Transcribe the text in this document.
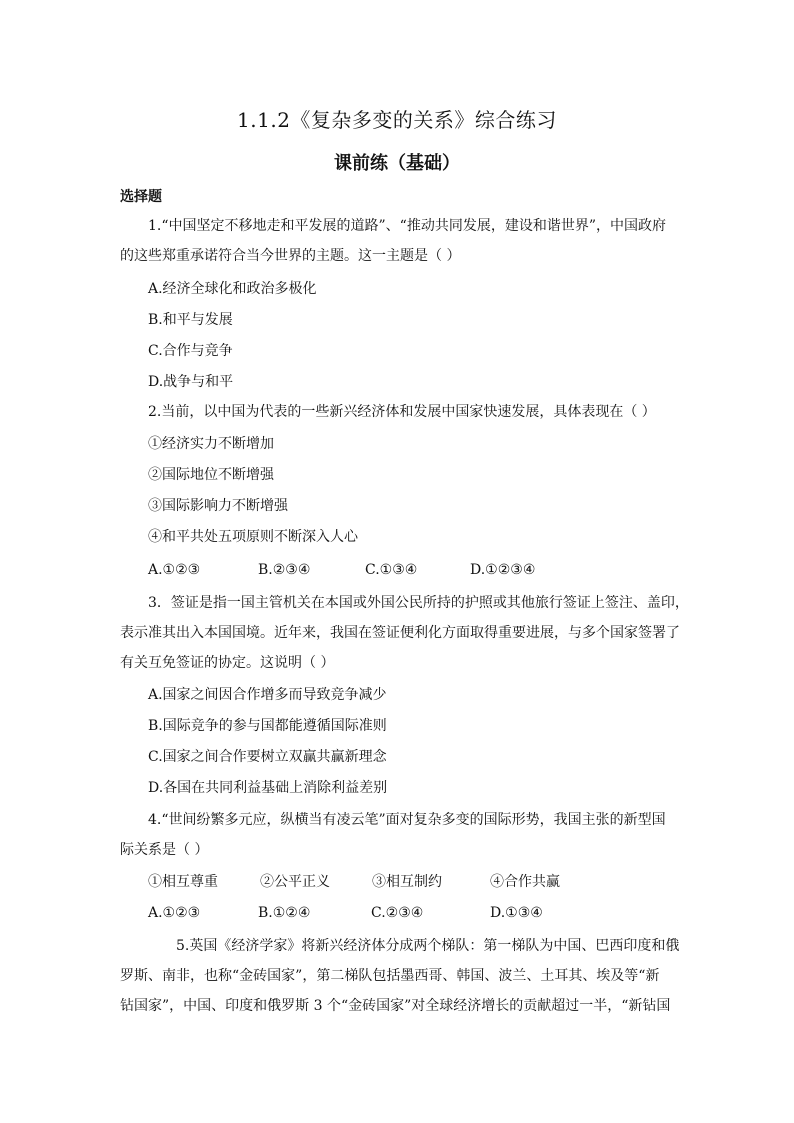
1.1.2《复杂多变的关系》综合练习
课前练（基础）
选择题
1.“中国坚定不移地走和平发展的道路”、“推动共同发展，建设和谐世界”，中国政府
的这些郑重承诺符合当今世界的主题。这一主题是（ ）
A.经济全球化和政治多极化
B.和平与发展
C.合作与竞争
D.战争与和平
2.当前，以中国为代表的一些新兴经济体和发展中国家快速发展，具体表现在（ ）
①经济实力不断增加
②国际地位不断增强
③国际影响力不断增强
④和平共处五项原则不断深入人心
A.①②③	B.②③④	C.①③④	D.①②③④
3．签证是指一国主管机关在本国或外国公民所持的护照或其他旅行签证上签注、盖印，
表示准其出入本国国境。近年来，我国在签证便利化方面取得重要进展，与多个国家签署了
有关互免签证的协定。这说明（ ）
A.国家之间因合作增多而导致竞争减少
B.国际竞争的参与国都能遵循国际准则
C.国家之间合作要树立双赢共赢新理念
D.各国在共同利益基础上消除利益差别
4.“世间纷繁多元应，纵横当有凌云笔”面对复杂多变的国际形势，我国主张的新型国
际关系是（ ）
①相互尊重	②公平正义	③相互制约	④合作共赢
A.①②③	B.①②④	C.②③④	D.①③④
5.英国《经济学家》将新兴经济体分成两个梯队：第一梯队为中国、巴西印度和俄
罗斯、南非，也称“金砖国家”，第二梯队包括墨西哥、韩国、波兰、土耳其、埃及等“新
钻国家”，中国、印度和俄罗斯 3 个“金砖国家”对全球经济增长的贡献超过一半，“新钻国
